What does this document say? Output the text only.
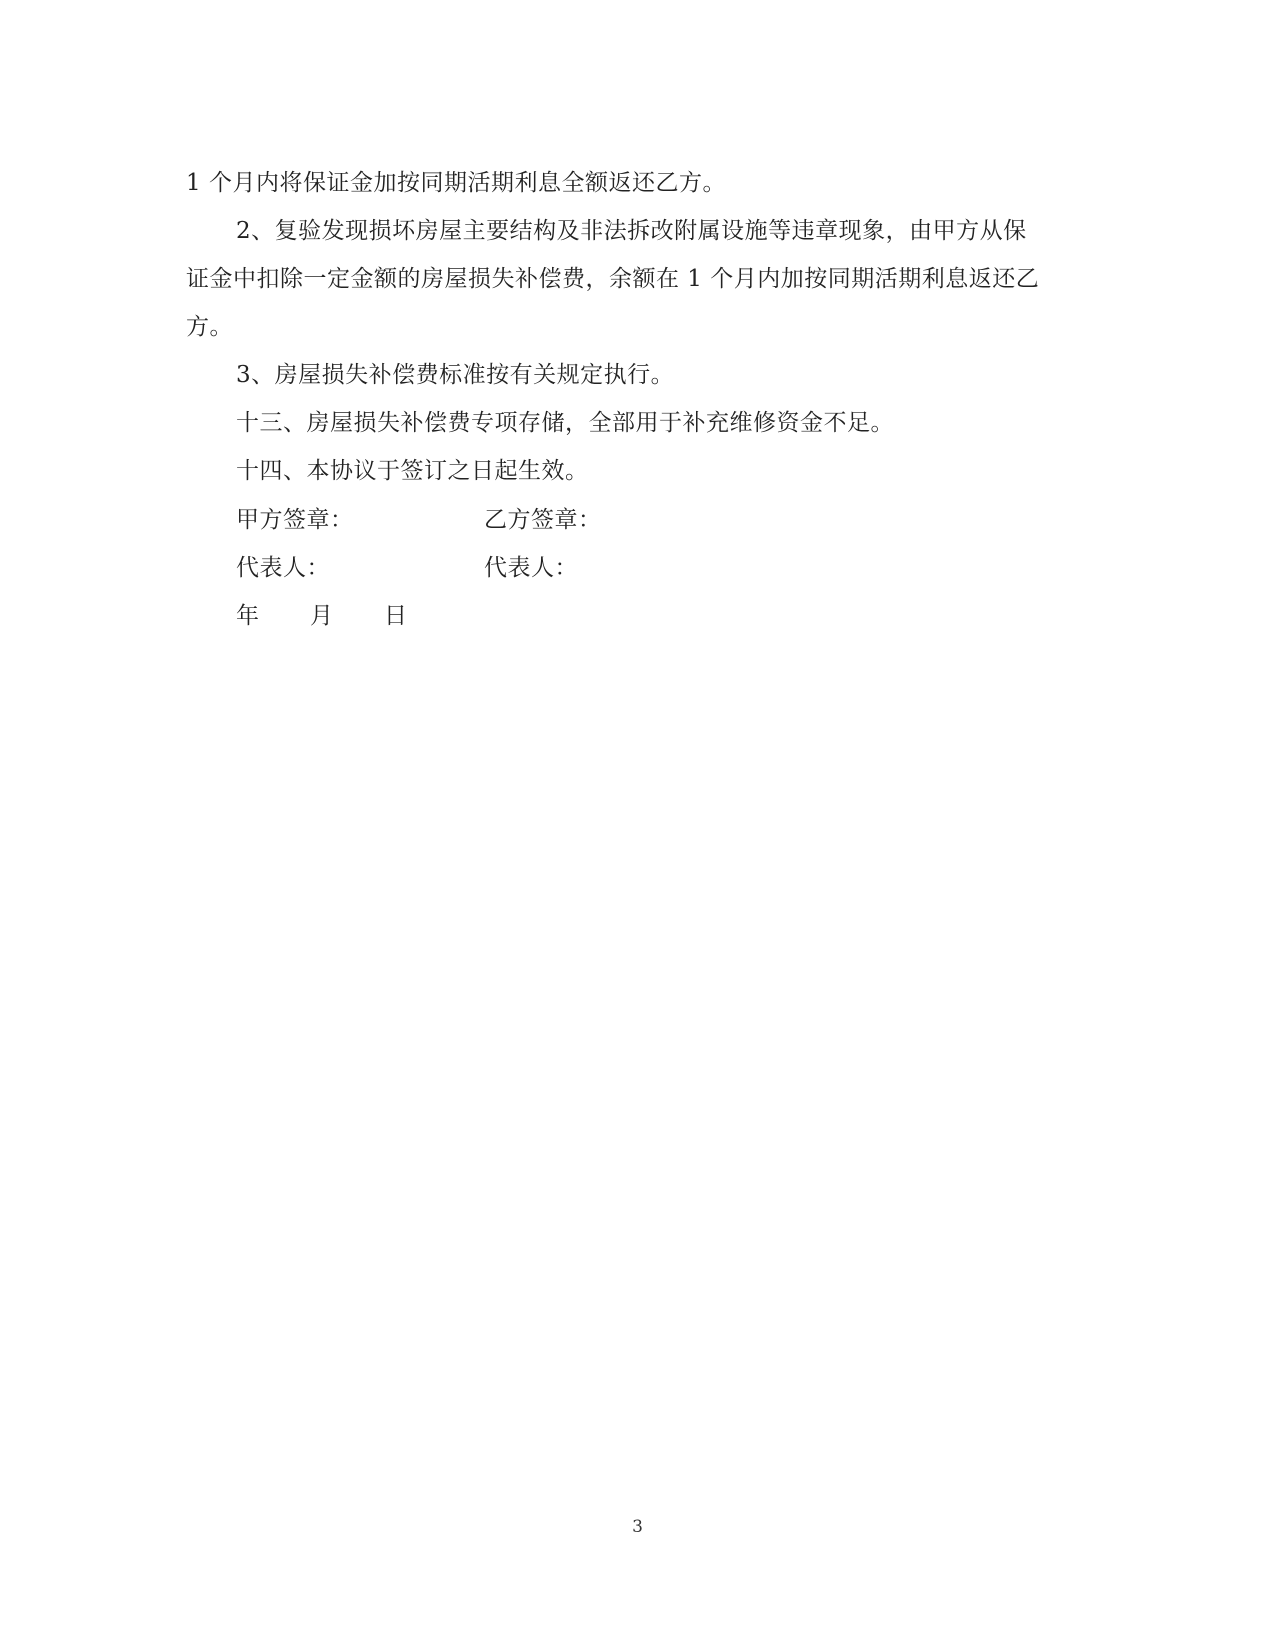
1 个月内将保证金加按同期活期利息全额返还乙方。
2、复验发现损坏房屋主要结构及非法拆改附属设施等违章现象，由甲方从保
证金中扣除一定金额的房屋损失补偿费，余额在 1 个月内加按同期活期利息返还乙
方。
3、房屋损失补偿费标准按有关规定执行。
十三、房屋损失补偿费专项存储，全部用于补充维修资金不足。
十四、本协议于签订之日起生效。
甲方签章：	乙方签章：
代表人：	代表人：
年 月 日
3
